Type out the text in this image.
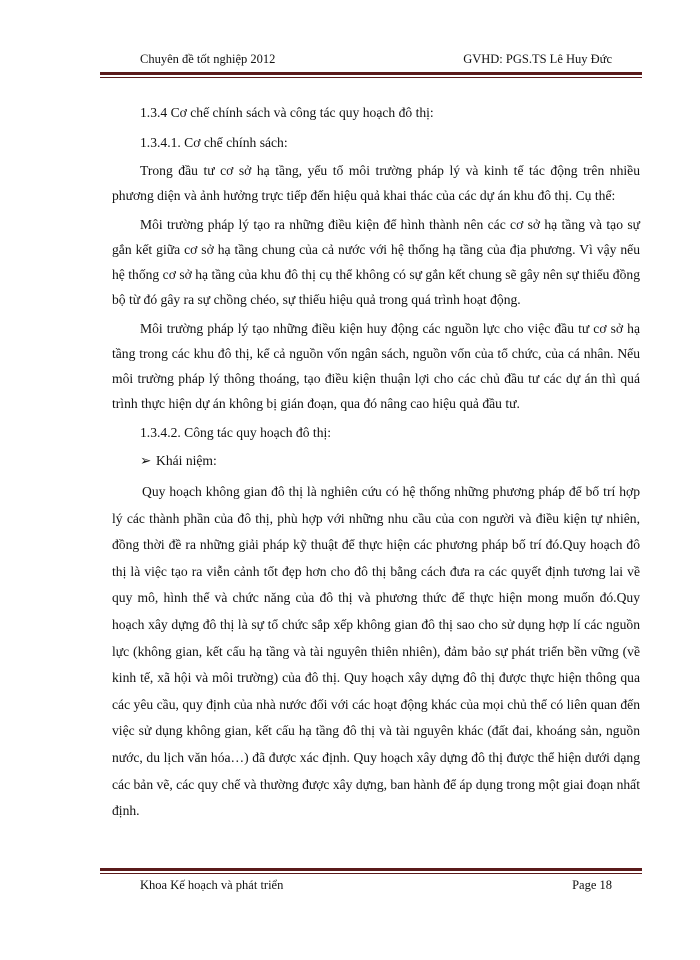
Chuyên đề tốt nghiệp 2012	GVHD: PGS.TS Lê Huy Đức

1.3.4 Cơ chế chính sách và công tác quy hoạch đô thị:

1.3.4.1. Cơ chế chính sách:

Trong đầu tư cơ sở hạ tầng, yếu tố môi trường pháp lý và kinh tế tác động trên nhiều phương diện và ảnh hưởng trực tiếp đến hiệu quả khai thác của các dự án khu đô thị. Cụ thể:

Môi trường pháp lý tạo ra những điều kiện để hình thành nên các cơ sở hạ tầng và tạo sự gắn kết giữa cơ sở hạ tầng chung của cả nước với hệ thống hạ tầng của địa phương. Vì vậy nếu hệ thống cơ sở hạ tầng của khu đô thị cụ thể không có sự gắn kết chung sẽ gây nên sự thiếu đồng bộ từ đó gây ra sự chồng chéo, sự thiếu hiệu quả trong quá trình hoạt động.

Môi trường pháp lý tạo những điều kiện huy động các nguồn lực cho việc đầu tư cơ sở hạ tầng trong các khu đô thị, kể cả nguồn vốn ngân sách, nguồn vốn của tổ chức, của cá nhân. Nếu môi trường pháp lý thông thoáng, tạo điều kiện thuận lợi cho các chủ đầu tư các dự án thì quá trình thực hiện dự án không bị gián đoạn, qua đó nâng cao hiệu quả đầu tư.

1.3.4.2. Công tác quy hoạch đô thị:

➢ Khái niệm:

Quy hoạch không gian đô thị là nghiên cứu có hệ thống những phương pháp để bố trí hợp lý các thành phần của đô thị, phù hợp với những nhu cầu của con người và điều kiện tự nhiên, đồng thời đề ra những giải pháp kỹ thuật để thực hiện các phương pháp bố trí đó.Quy hoạch đô thị là việc tạo ra viễn cảnh tốt đẹp hơn cho đô thị bằng cách đưa ra các quyết định tương lai về quy mô, hình thể và chức năng của đô thị và phương thức để thực hiện mong muốn đó.Quy hoạch xây dựng đô thị là sự tổ chức sắp xếp không gian đô thị sao cho sử dụng hợp lí các nguồn lực (không gian, kết cấu hạ tầng và tài nguyên thiên nhiên), đảm bảo sự phát triển bền vững (về kinh tế, xã hội và môi trường) của đô thị. Quy hoạch xây dựng đô thị được thực hiện thông qua các yêu cầu, quy định của nhà nước đối với các hoạt động khác của mọi chủ thể có liên quan đến việc sử dụng không gian, kết cấu hạ tầng đô thị và tài nguyên khác (đất đai, khoáng sản, nguồn nước, du lịch văn hóa…) đã được xác định. Quy hoạch xây dựng đô thị được thể hiện dưới dạng các bản vẽ, các quy chế và thường được xây dựng, ban hành để áp dụng trong một giai đoạn nhất định.

Khoa Kế hoạch và phát triển	Page 18
